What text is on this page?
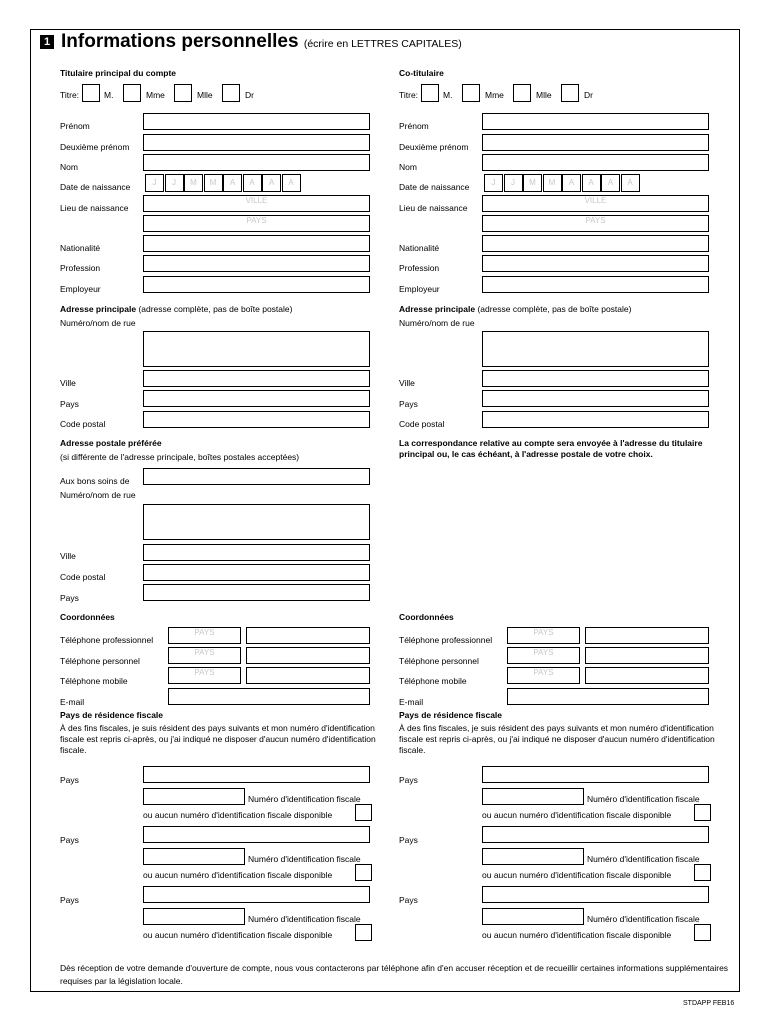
1 Informations personnelles (écrire en LETTRES CAPITALES)
Titulaire principal du compte
Titre:	M.	Mme	Mlle	Dr
Prénom
Deuxième prénom
Nom
Date de naissance	J	J	M	M	A	A	A	A
Lieu de naissance
VILLE
PAYS
Nationalité
Profession
Employeur
Adresse principale (adresse complète, pas de boîte postale)
Numéro/nom de rue
Ville
Pays
Code postal
Coordonnées
Téléphone professionnel
PAYS
Téléphone personnel
PAYS
Téléphone mobile
PAYS
E-mail
Pays de résidence fiscale
À des fins fiscales, je suis résident des pays suivants et mon numéro d'identification fiscale est repris ci-après, ou j'ai indiqué ne disposer d'aucun numéro d'identification fiscale.
Pays
Numéro d'identification fiscale
ou aucun numéro d'identification fiscale disponible
Pays
Numéro d'identification fiscale
ou aucun numéro d'identification fiscale disponible
Pays
Numéro d'identification fiscale
ou aucun numéro d'identification fiscale disponible
Co-titulaire
Titre:	M.	Mme	Mlle	Dr
Prénom
Deuxième prénom
Nom
Date de naissance	J	J	M	M	A	A	A	A
Lieu de naissance
VILLE
PAYS
Nationalité
Profession
Employeur
Adresse principale (adresse complète, pas de boîte postale)
Numéro/nom de rue
Ville
Pays
Code postal
Coordonnées
Téléphone professionnel
PAYS
Téléphone personnel
PAYS
Téléphone mobile
PAYS
E-mail
Pays de résidence fiscale
À des fins fiscales, je suis résident des pays suivants et mon numéro d'identification fiscale est repris ci-après, ou j'ai indiqué ne disposer d'aucun numéro d'identification fiscale.
Pays
Numéro d'identification fiscale
ou aucun numéro d'identification fiscale disponible
Pays
Numéro d'identification fiscale
ou aucun numéro d'identification fiscale disponible
Pays
Numéro d'identification fiscale
ou aucun numéro d'identification fiscale disponible
Adresse postale préférée
(si différente de l'adresse principale, boîtes postales acceptées)
Aux bons soins de
Numéro/nom de rue
Ville
Code postal
Pays
La correspondance relative au compte sera envoyée à l'adresse du titulaire principal ou, le cas échéant, à l'adresse postale de votre choix.
Dès réception de votre demande d'ouverture de compte, nous vous contacterons par téléphone afin d'en accuser réception et de recueillir certaines informations supplémentaires requises par la législation locale.
STDAPP FEB16
